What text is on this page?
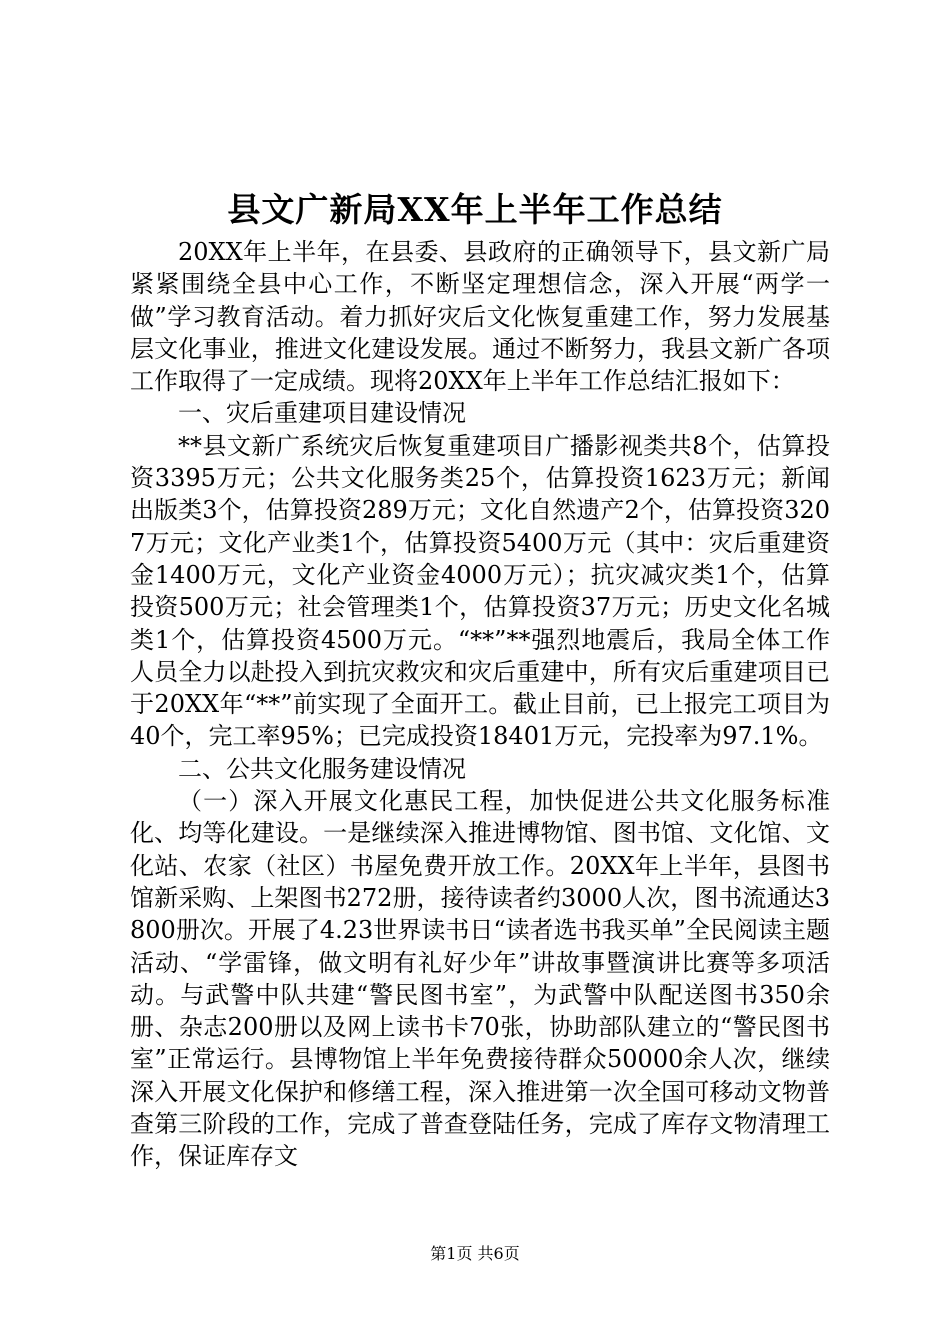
县文广新局XX年上半年工作总结

20XX年上半年，在县委、县政府的正确领导下，县文新广局紧紧围绕全县中心工作，不断坚定理想信念，深入开展“两学一做”学习教育活动。着力抓好灾后文化恢复重建工作，努力发展基层文化事业，推进文化建设发展。通过不断努力，我县文新广各项工作取得了一定成绩。现将20XX年上半年工作总结汇报如下：

一、灾后重建项目建设情况

**县文新广系统灾后恢复重建项目广播影视类共8个，估算投资3395万元；公共文化服务类25个，估算投资1623万元；新闻出版类3个，估算投资289万元；文化自然遗产2个，估算投资3207万元；文化产业类1个，估算投资5400万元（其中：灾后重建资金1400万元，文化产业资金4000万元）；抗灾减灾类1个，估算投资500万元；社会管理类1个，估算投资37万元；历史文化名城类1个，估算投资4500万元。“**”**强烈地震后，我局全体工作人员全力以赴投入到抗灾救灾和灾后重建中，所有灾后重建项目已于20XX年“**”前实现了全面开工。截止目前，已上报完工项目为40个，完工率95%；已完成投资18401万元，完投率为97.1%。

二、公共文化服务建设情况

（一）深入开展文化惠民工程，加快促进公共文化服务标准化、均等化建设。一是继续深入推进博物馆、图书馆、文化馆、文化站、农家（社区）书屋免费开放工作。20XX年上半年，县图书馆新采购、上架图书272册，接待读者约3000人次，图书流通达3800册次。开展了4.23世界读书日“读者选书我买单”全民阅读主题活动、“学雷锋，做文明有礼好少年”讲故事暨演讲比赛等多项活动。与武警中队共建“警民图书室”，为武警中队配送图书350余册、杂志200册以及网上读书卡70张，协助部队建立的“警民图书室”正常运行。县博物馆上半年免费接待群众50000余人次，继续深入开展文化保护和修缮工程，深入推进第一次全国可移动文物普查第三阶段的工作，完成了普查登陆任务，完成了库存文物清理工作，保证库存文

第1页 共6页
